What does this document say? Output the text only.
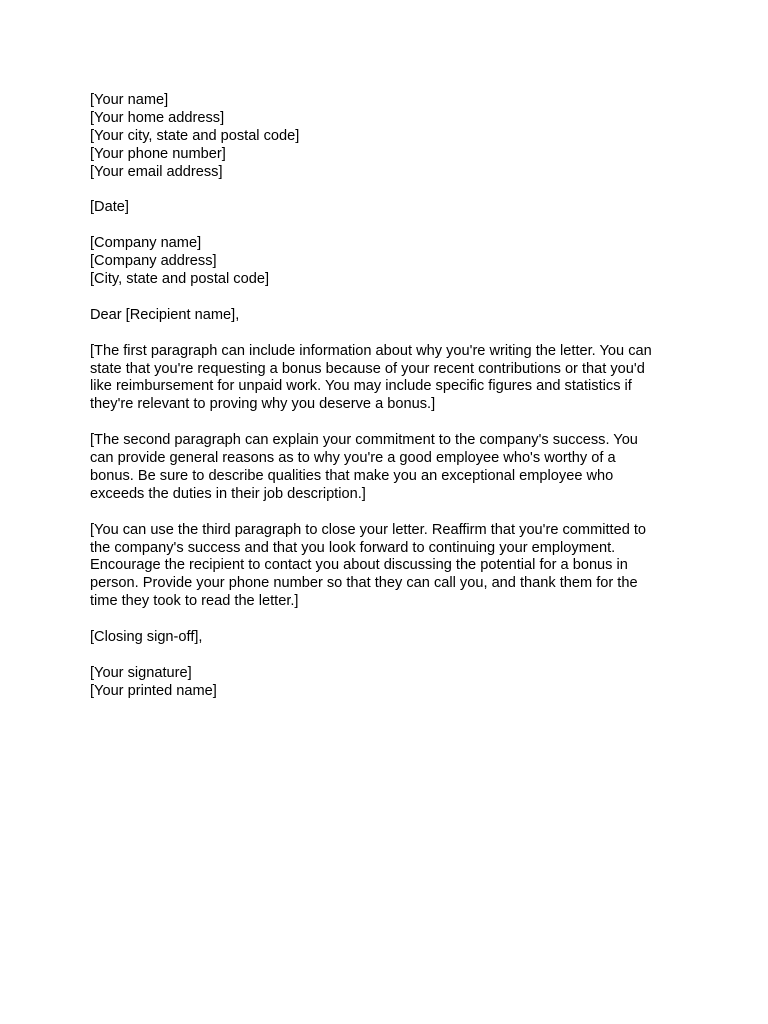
[Your name]
[Your home address]
[Your city, state and postal code]
[Your phone number]
[Your email address]
[Date]
[Company name]
[Company address]
[City, state and postal code]
Dear [Recipient name],
[The first paragraph can include information about why you're writing the letter. You can
state that you're requesting a bonus because of your recent contributions or that you'd
like reimbursement for unpaid work. You may include specific figures and statistics if
they're relevant to proving why you deserve a bonus.]
[The second paragraph can explain your commitment to the company's success. You
can provide general reasons as to why you're a good employee who's worthy of a
bonus. Be sure to describe qualities that make you an exceptional employee who
exceeds the duties in their job description.]
[You can use the third paragraph to close your letter. Reaffirm that you're committed to
the company's success and that you look forward to continuing your employment.
Encourage the recipient to contact you about discussing the potential for a bonus in
person. Provide your phone number so that they can call you, and thank them for the
time they took to read the letter.]
[Closing sign-off],
[Your signature]
[Your printed name]
